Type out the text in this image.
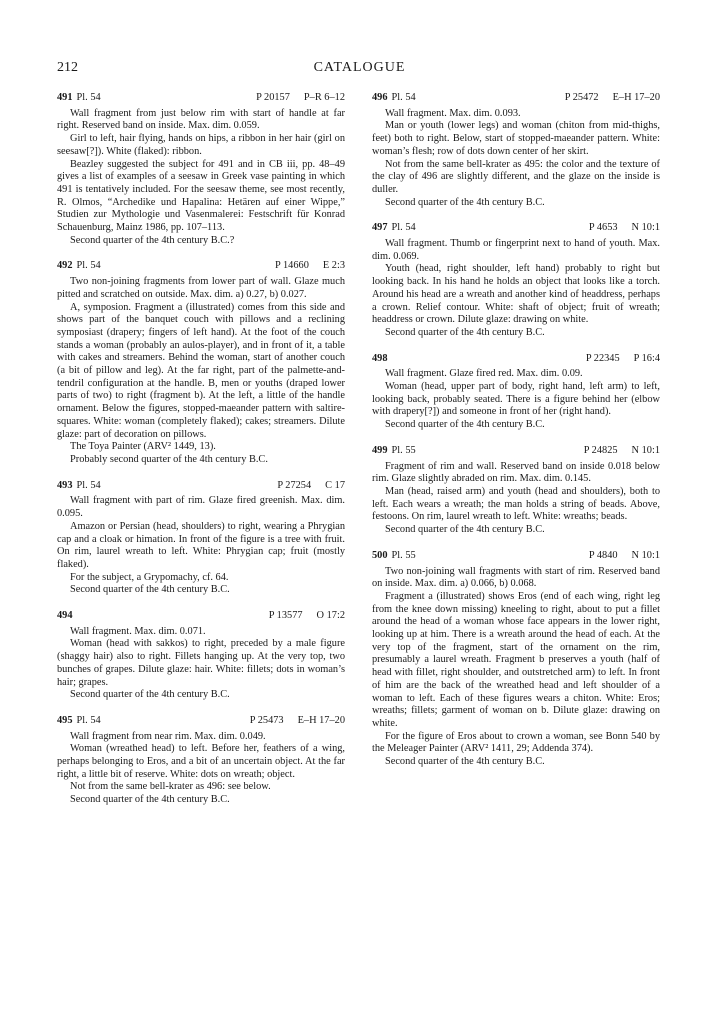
212	CATALOGUE
491 Pl. 54	P 20157 P–R 6–12

Wall fragment from just below rim with start of handle at far right. Reserved band on inside. Max. dim. 0.059.

Girl to left, hair flying, hands on hips, a ribbon in her hair (girl on seesaw[?]). White (flaked): ribbon.

Beazley suggested the subject for 491 and in CB iii, pp. 48–49 gives a list of examples of a seesaw in Greek vase painting in which 491 is tentatively included. For the seesaw theme, see most recently, R. Olmos, “Archedike und Hapalina: Hetären auf einer Wippe,” Studien zur Mythologie und Vasenmalerei: Festschrift für Konrad Schauenburg, Mainz 1986, pp. 107–113.

Second quarter of the 4th century B.C.?

492 Pl. 54	P 14660 E 2:3

Two non-joining fragments from lower part of wall. Glaze much pitted and scratched on outside. Max. dim. a) 0.27, b) 0.027.

A, symposion. Fragment a (illustrated) comes from this side and shows part of the banquet couch with pillows and a reclining symposiast (drapery; fingers of left hand). At the foot of the couch stands a woman (probably an aulos-player), and in front of it, a table with cakes and streamers. Behind the woman, start of another couch (a bit of pillow and leg). At the far right, part of the palmette-and-tendril configuration at the handle. B, men or youths (draped lower parts of two) to right (fragment b). At the left, a little of the handle ornament. Below the figures, stopped-maeander pattern with saltire-squares. White: woman (completely flaked); cakes; streamers. Dilute glaze: part of decoration on pillows.

The Toya Painter (ARV² 1449, 13).

Probably second quarter of the 4th century B.C.

493 Pl. 54	P 27254 C 17

Wall fragment with part of rim. Glaze fired greenish. Max. dim. 0.095.

Amazon or Persian (head, shoulders) to right, wearing a Phrygian cap and a cloak or himation. In front of the figure is a tree with fruit. On rim, laurel wreath to left. White: Phrygian cap; fruit (mostly flaked).

For the subject, a Grypomachy, cf. 64.

Second quarter of the 4th century B.C.

494	P 13577 O 17:2

Wall fragment. Max. dim. 0.071.

Woman (head with sakkos) to right, preceded by a male figure (shaggy hair) also to right. Fillets hanging up. At the very top, two bunches of grapes. Dilute glaze: hair. White: fillets; dots in woman’s hair; grapes.

Second quarter of the 4th century B.C.

495 Pl. 54	P 25473 E–H 17–20

Wall fragment from near rim. Max. dim. 0.049.

Woman (wreathed head) to left. Before her, feathers of a wing, perhaps belonging to Eros, and a bit of an uncertain object. At the far right, a little bit of reserve. White: dots on wreath; object.

Not from the same bell-krater as 496: see below.

Second quarter of the 4th century B.C.

496 Pl. 54	P 25472 E–H 17–20

Wall fragment. Max. dim. 0.093.

Man or youth (lower legs) and woman (chiton from mid-thighs, feet) both to right. Below, start of stopped-maeander pattern. White: woman’s flesh; row of dots down center of her skirt.

Not from the same bell-krater as 495: the color and the texture of the clay of 496 are slightly different, and the glaze on the inside is duller.

Second quarter of the 4th century B.C.

497 Pl. 54	P 4653 N 10:1

Wall fragment. Thumb or fingerprint next to hand of youth. Max. dim. 0.069.

Youth (head, right shoulder, left hand) probably to right but looking back. In his hand he holds an object that looks like a torch. Around his head are a wreath and another kind of headdress, perhaps a crown. Relief contour. White: shaft of object; fruit of wreath; headdress or crown. Dilute glaze: drawing on white.

Second quarter of the 4th century B.C.

498	P 22345 P 16:4

Wall fragment. Glaze fired red. Max. dim. 0.09.

Woman (head, upper part of body, right hand, left arm) to left, looking back, probably seated. There is a figure behind her (elbow with drapery[?]) and someone in front of her (right hand).

Second quarter of the 4th century B.C.

499 Pl. 55	P 24825 N 10:1

Fragment of rim and wall. Reserved band on inside 0.018 below rim. Glaze slightly abraded on rim. Max. dim. 0.145.

Man (head, raised arm) and youth (head and shoulders), both to left. Each wears a wreath; the man holds a string of beads. Above, festoons. On rim, laurel wreath to left. White: wreaths; beads.

Second quarter of the 4th century B.C.

500 Pl. 55	P 4840 N 10:1

Two non-joining wall fragments with start of rim. Reserved band on inside. Max. dim. a) 0.066, b) 0.068.

Fragment a (illustrated) shows Eros (end of each wing, right leg from the knee down missing) kneeling to right, about to put a fillet around the head of a woman whose face appears in the lower right, looking up at him. There is a wreath around the head of each. At the very top of the fragment, start of the ornament on the rim, presumably a laurel wreath. Fragment b preserves a youth (half of head with fillet, right shoulder, and outstretched arm) to left. In front of him are the back of the wreathed head and left shoulder of a woman to left. Each of these figures wears a chiton. White: Eros; wreaths; fillets; garment of woman on b. Dilute glaze: drawing on white.

For the figure of Eros about to crown a woman, see Bonn 540 by the Meleager Painter (ARV² 1411, 29; Addenda 374).

Second quarter of the 4th century B.C.
